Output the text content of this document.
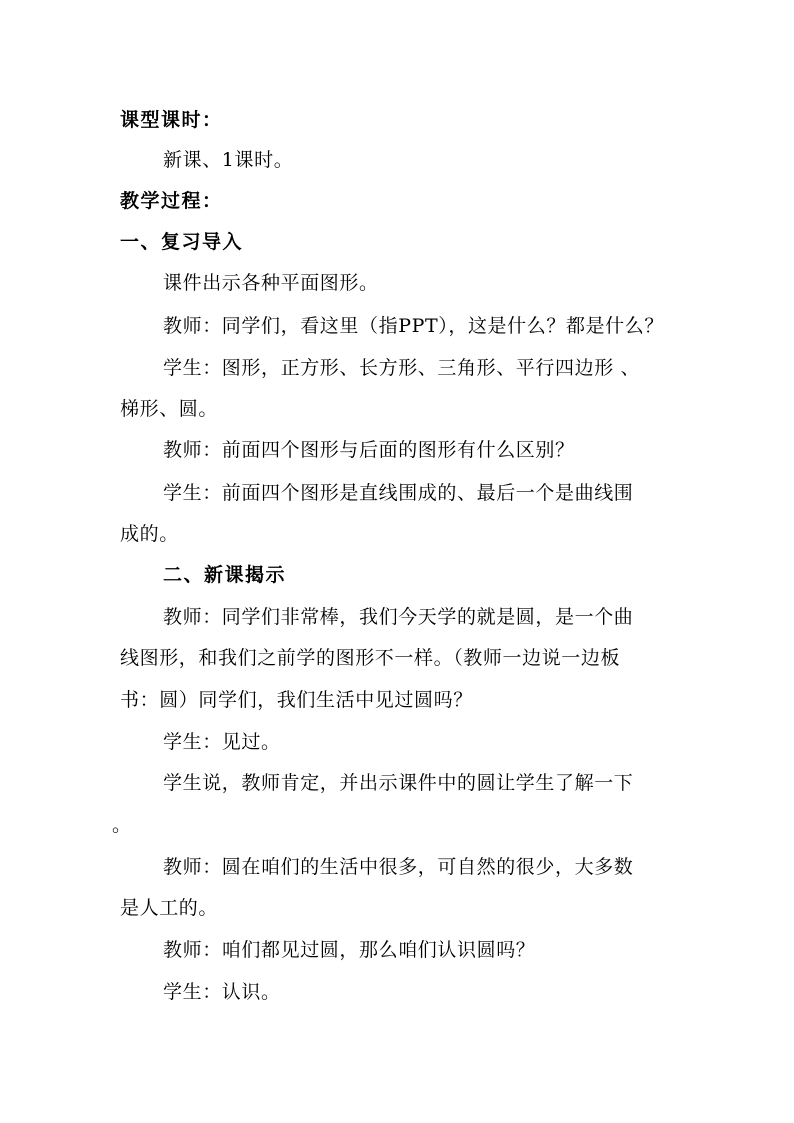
课型课时：
新课、1课时。
教学过程：
一、复习导入
课件出示各种平面图形。
教师：同学们，看这里（指PPT），这是什么？都是什么？
学生：图形，正方形、长方形、三角形、平行四边形 、
梯形、圆。
教师：前面四个图形与后面的图形有什么区别？
学生：前面四个图形是直线围成的、最后一个是曲线围
成的。
二、新课揭示
教师：同学们非常棒，我们今天学的就是圆，是一个曲
线图形，和我们之前学的图形不一样。（教师一边说一边板
书：圆）同学们，我们生活中见过圆吗？
学生：见过。
学生说，教师肯定，并出示课件中的圆让学生了解一下
。
教师：圆在咱们的生活中很多，可自然的很少，大多数
是人工的。
教师：咱们都见过圆，那么咱们认识圆吗？
学生：认识。
